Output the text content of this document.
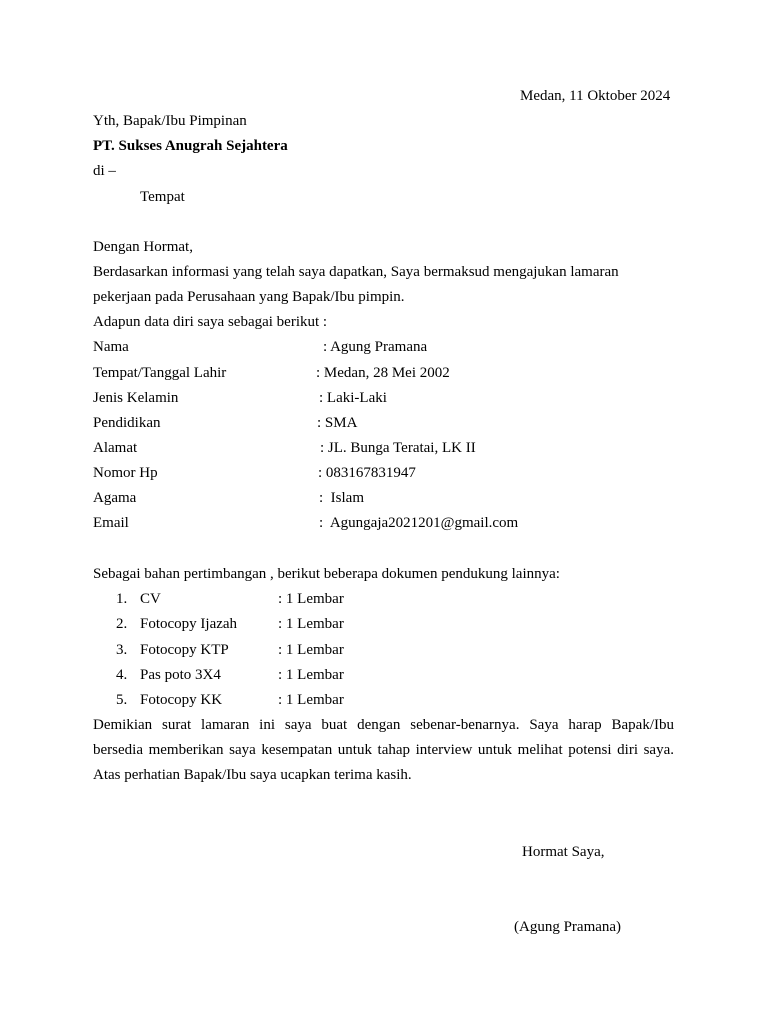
Medan, 11 Oktober 2024
Yth, Bapak/Ibu Pimpinan
PT. Sukses Anugrah Sejahtera
di –
Tempat
Dengan Hormat,
Berdasarkan informasi yang telah saya dapatkan, Saya bermaksud mengajukan lamaran
pekerjaan pada Perusahaan yang Bapak/Ibu pimpin.
Adapun data diri saya sebagai berikut :
Nama	: Agung Pramana
Tempat/Tanggal Lahir	: Medan, 28 Mei 2002
Jenis Kelamin	: Laki-Laki
Pendidikan	: SMA
Alamat	: JL. Bunga Teratai, LK II
Nomor Hp	: 083167831947
Agama	:  Islam
Email	:  Agungaja2021201@gmail.com
Sebagai bahan pertimbangan , berikut beberapa dokumen pendukung lainnya:
1. CV	: 1 Lembar
2. Fotocopy Ijazah	: 1 Lembar
3. Fotocopy KTP	: 1 Lembar
4. Pas poto 3X4	: 1 Lembar
5. Fotocopy KK	: 1 Lembar
Demikian surat lamaran ini saya buat dengan sebenar-benarnya. Saya harap Bapak/Ibu
bersedia memberikan saya kesempatan untuk tahap interview untuk melihat potensi diri saya.
Atas perhatian Bapak/Ibu saya ucapkan terima kasih.
Hormat Saya,
(Agung Pramana)
